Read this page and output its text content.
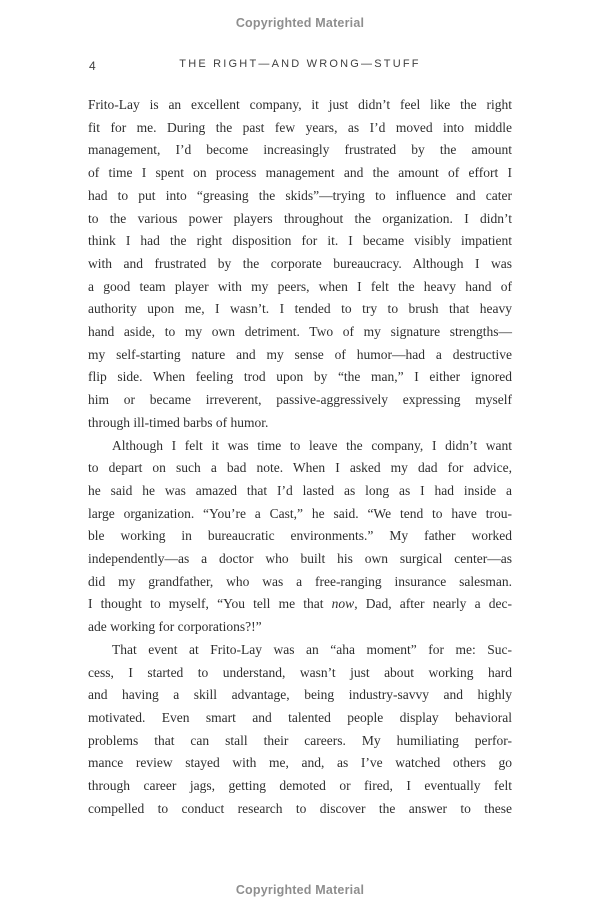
Copyrighted Material
4	THE RIGHT—AND WRONG—STUFF
Frito-Lay is an excellent company, it just didn’t feel like the right
fit for me. During the past few years, as I’d moved into middle
management, I’d become increasingly frustrated by the amount
of time I spent on process management and the amount of effort I
had to put into “greasing the skids”—trying to influence and cater
to the various power players throughout the organization. I didn’t
think I had the right disposition for it. I became visibly impatient
with and frustrated by the corporate bureaucracy. Although I was
a good team player with my peers, when I felt the heavy hand of
authority upon me, I wasn’t. I tended to try to brush that heavy
hand aside, to my own detriment. Two of my signature strengths—
my self-starting nature and my sense of humor—had a destructive
flip side. When feeling trod upon by “the man,” I either ignored
him or became irreverent, passive-aggressively expressing myself
through ill-timed barbs of humor.
Although I felt it was time to leave the company, I didn’t want
to depart on such a bad note. When I asked my dad for advice,
he said he was amazed that I’d lasted as long as I had inside a
large organization. “You’re a Cast,” he said. “We tend to have trou-
ble working in bureaucratic environments.” My father worked
independently—as a doctor who built his own surgical center—as
did my grandfather, who was a free-ranging insurance salesman.
I thought to myself, “You tell me that now, Dad, after nearly a dec-
ade working for corporations?!”
That event at Frito-Lay was an “aha moment” for me: Suc-
cess, I started to understand, wasn’t just about working hard
and having a skill advantage, being industry-savvy and highly
motivated. Even smart and talented people display behavioral
problems that can stall their careers. My humiliating perfor-
mance review stayed with me, and, as I’ve watched others go
through career jags, getting demoted or fired, I eventually felt
compelled to conduct research to discover the answer to these
Copyrighted Material
